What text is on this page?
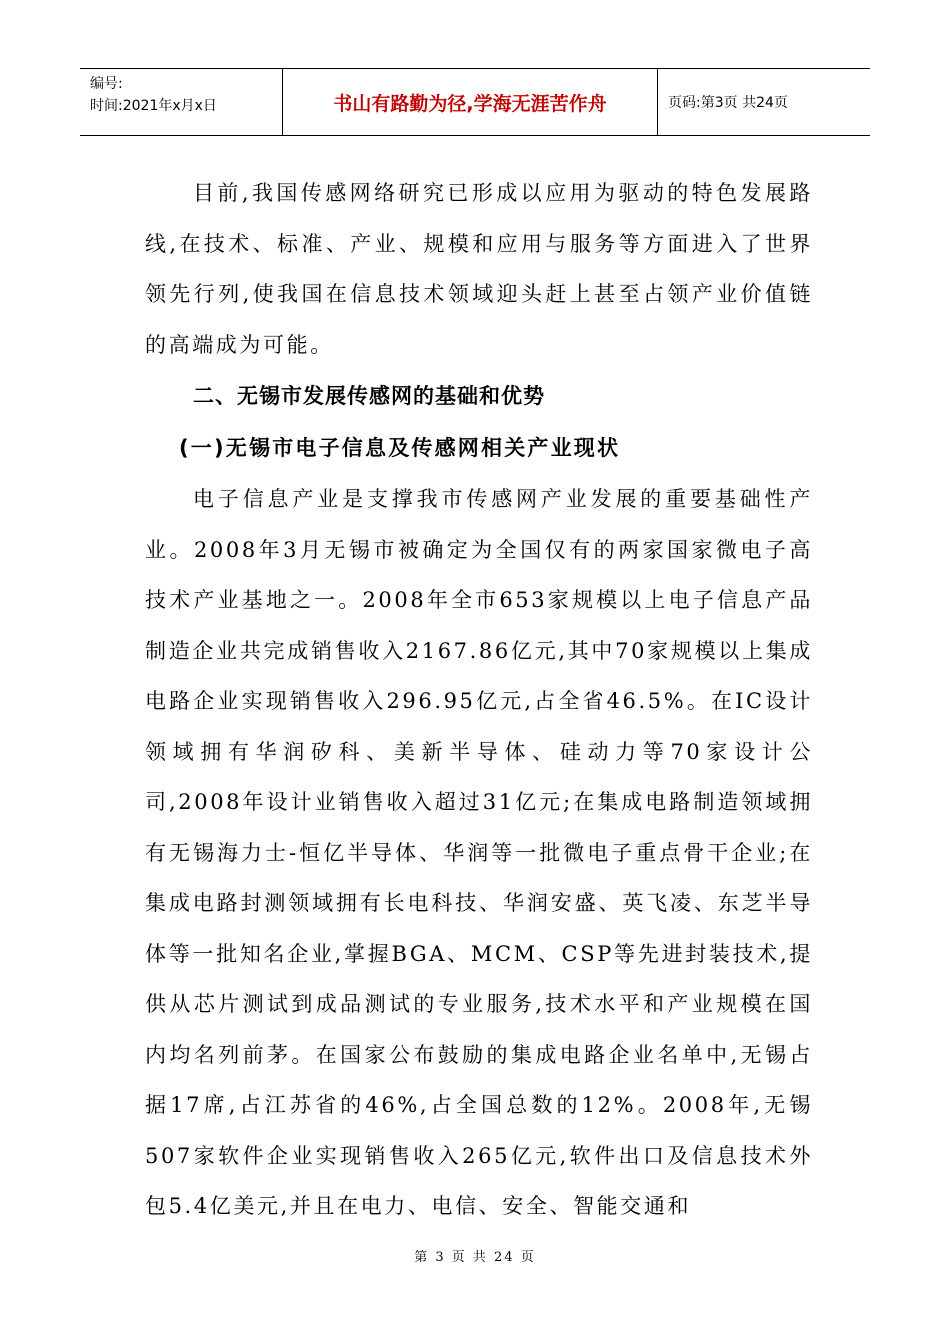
编号:
时间:2021年x月x日	书山有路勤为径,学海无涯苦作舟	页码:第3页 共24页

目前,我国传感网络研究已形成以应用为驱动的特色发展路线,在技术、标准、产业、规模和应用与服务等方面进入了世界领先行列,使我国在信息技术领域迎头赶上甚至占领产业价值链的高端成为可能。

二、无锡市发展传感网的基础和优势

(一)无锡市电子信息及传感网相关产业现状

电子信息产业是支撑我市传感网产业发展的重要基础性产业。2008年3月无锡市被确定为全国仅有的两家国家微电子高技术产业基地之一。2008年全市653家规模以上电子信息产品制造企业共完成销售收入2167.86亿元,其中70家规模以上集成电路企业实现销售收入296.95亿元,占全省46.5%。在IC设计领域拥有华润矽科、美新半导体、硅动力等70家设计公司,2008年设计业销售收入超过31亿元;在集成电路制造领域拥有无锡海力士-恒亿半导体、华润等一批微电子重点骨干企业;在集成电路封测领域拥有长电科技、华润安盛、英飞凌、东芝半导体等一批知名企业,掌握BGA、MCM、CSP等先进封装技术,提供从芯片测试到成品测试的专业服务,技术水平和产业规模在国内均名列前茅。在国家公布鼓励的集成电路企业名单中,无锡占据17席,占江苏省的46%,占全国总数的12%。2008年,无锡507家软件企业实现销售收入265亿元,软件出口及信息技术外包5.4亿美元,并且在电力、电信、安全、智能交通和

第 3 页 共 24 页
